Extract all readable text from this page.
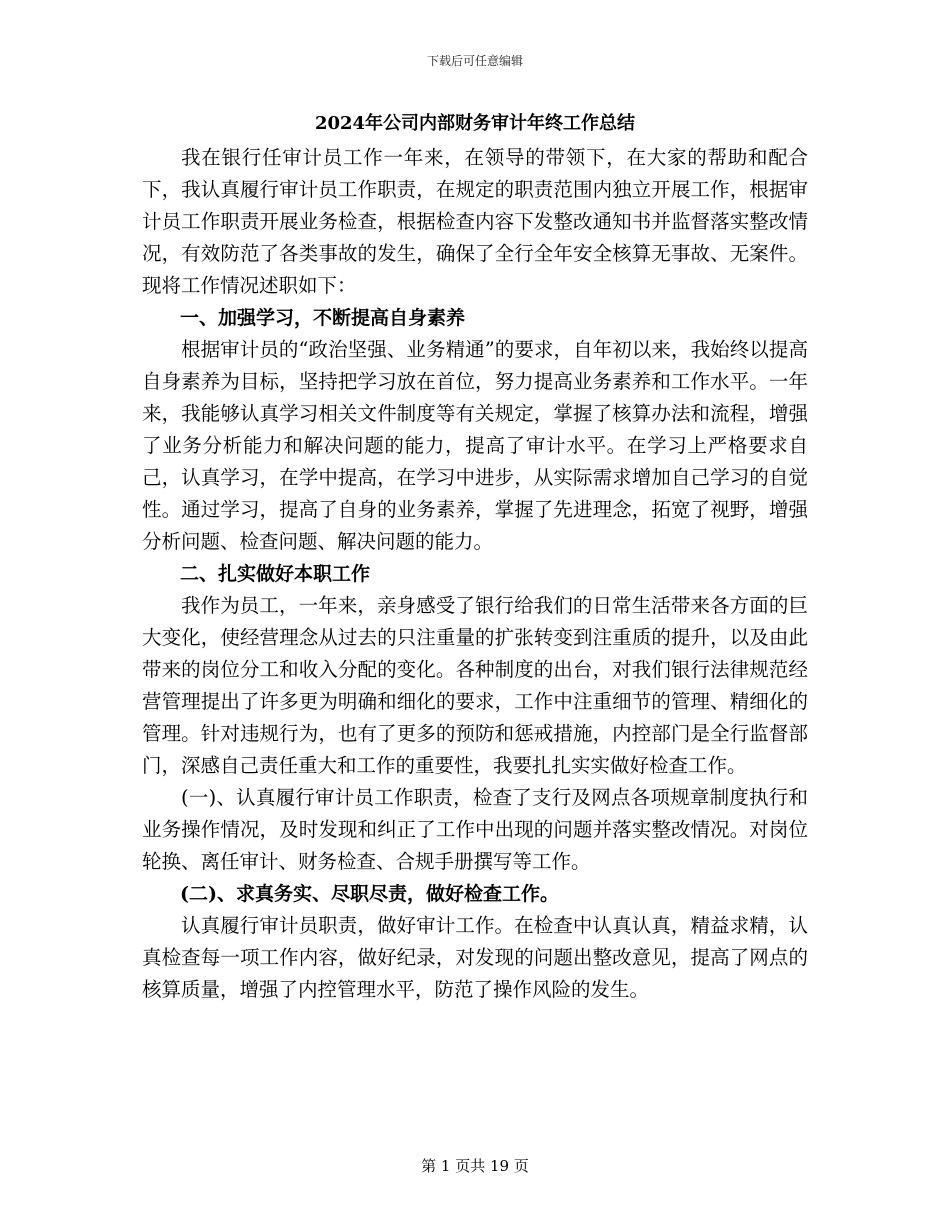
下载后可任意编辑
2024年公司内部财务审计年终工作总结

我在银行任审计员工作一年来，在领导的带领下，在大家的帮助和配合下，我认真履行审计员工作职责，在规定的职责范围内独立开展工作，根据审计员工作职责开展业务检查，根据检查内容下发整改通知书并监督落实整改情况，有效防范了各类事故的发生，确保了全行全年安全核算无事故、无案件。现将工作情况述职如下：

一、加强学习，不断提高自身素养

根据审计员的“政治坚强、业务精通”的要求，自年初以来，我始终以提高自身素养为目标，坚持把学习放在首位，努力提高业务素养和工作水平。一年来，我能够认真学习相关文件制度等有关规定，掌握了核算办法和流程，增强了业务分析能力和解决问题的能力，提高了审计水平。在学习上严格要求自己，认真学习，在学中提高，在学习中进步，从实际需求增加自己学习的自觉性。通过学习，提高了自身的业务素养，掌握了先进理念，拓宽了视野，增强分析问题、检查问题、解决问题的能力。

二、扎实做好本职工作

我作为员工，一年来，亲身感受了银行给我们的日常生活带来各方面的巨大变化，使经营理念从过去的只注重量的扩张转变到注重质的提升，以及由此带来的岗位分工和收入分配的变化。各种制度的出台，对我们银行法律规范经营管理提出了许多更为明确和细化的要求，工作中注重细节的管理、精细化的管理。针对违规行为，也有了更多的预防和惩戒措施，内控部门是全行监督部门，深感自己责任重大和工作的重要性，我要扎扎实实做好检查工作。

(一)、认真履行审计员工作职责，检查了支行及网点各项规章制度执行和业务操作情况，及时发现和纠正了工作中出现的问题并落实整改情况。对岗位轮换、离任审计、财务检查、合规手册撰写等工作。

(二)、求真务实、尽职尽责，做好检查工作。

认真履行审计员职责，做好审计工作。在检查中认真认真，精益求精，认真检查每一项工作内容，做好纪录，对发现的问题出整改意见，提高了网点的核算质量，增强了内控管理水平，防范了操作风险的发生。

第 1 页共 19 页
